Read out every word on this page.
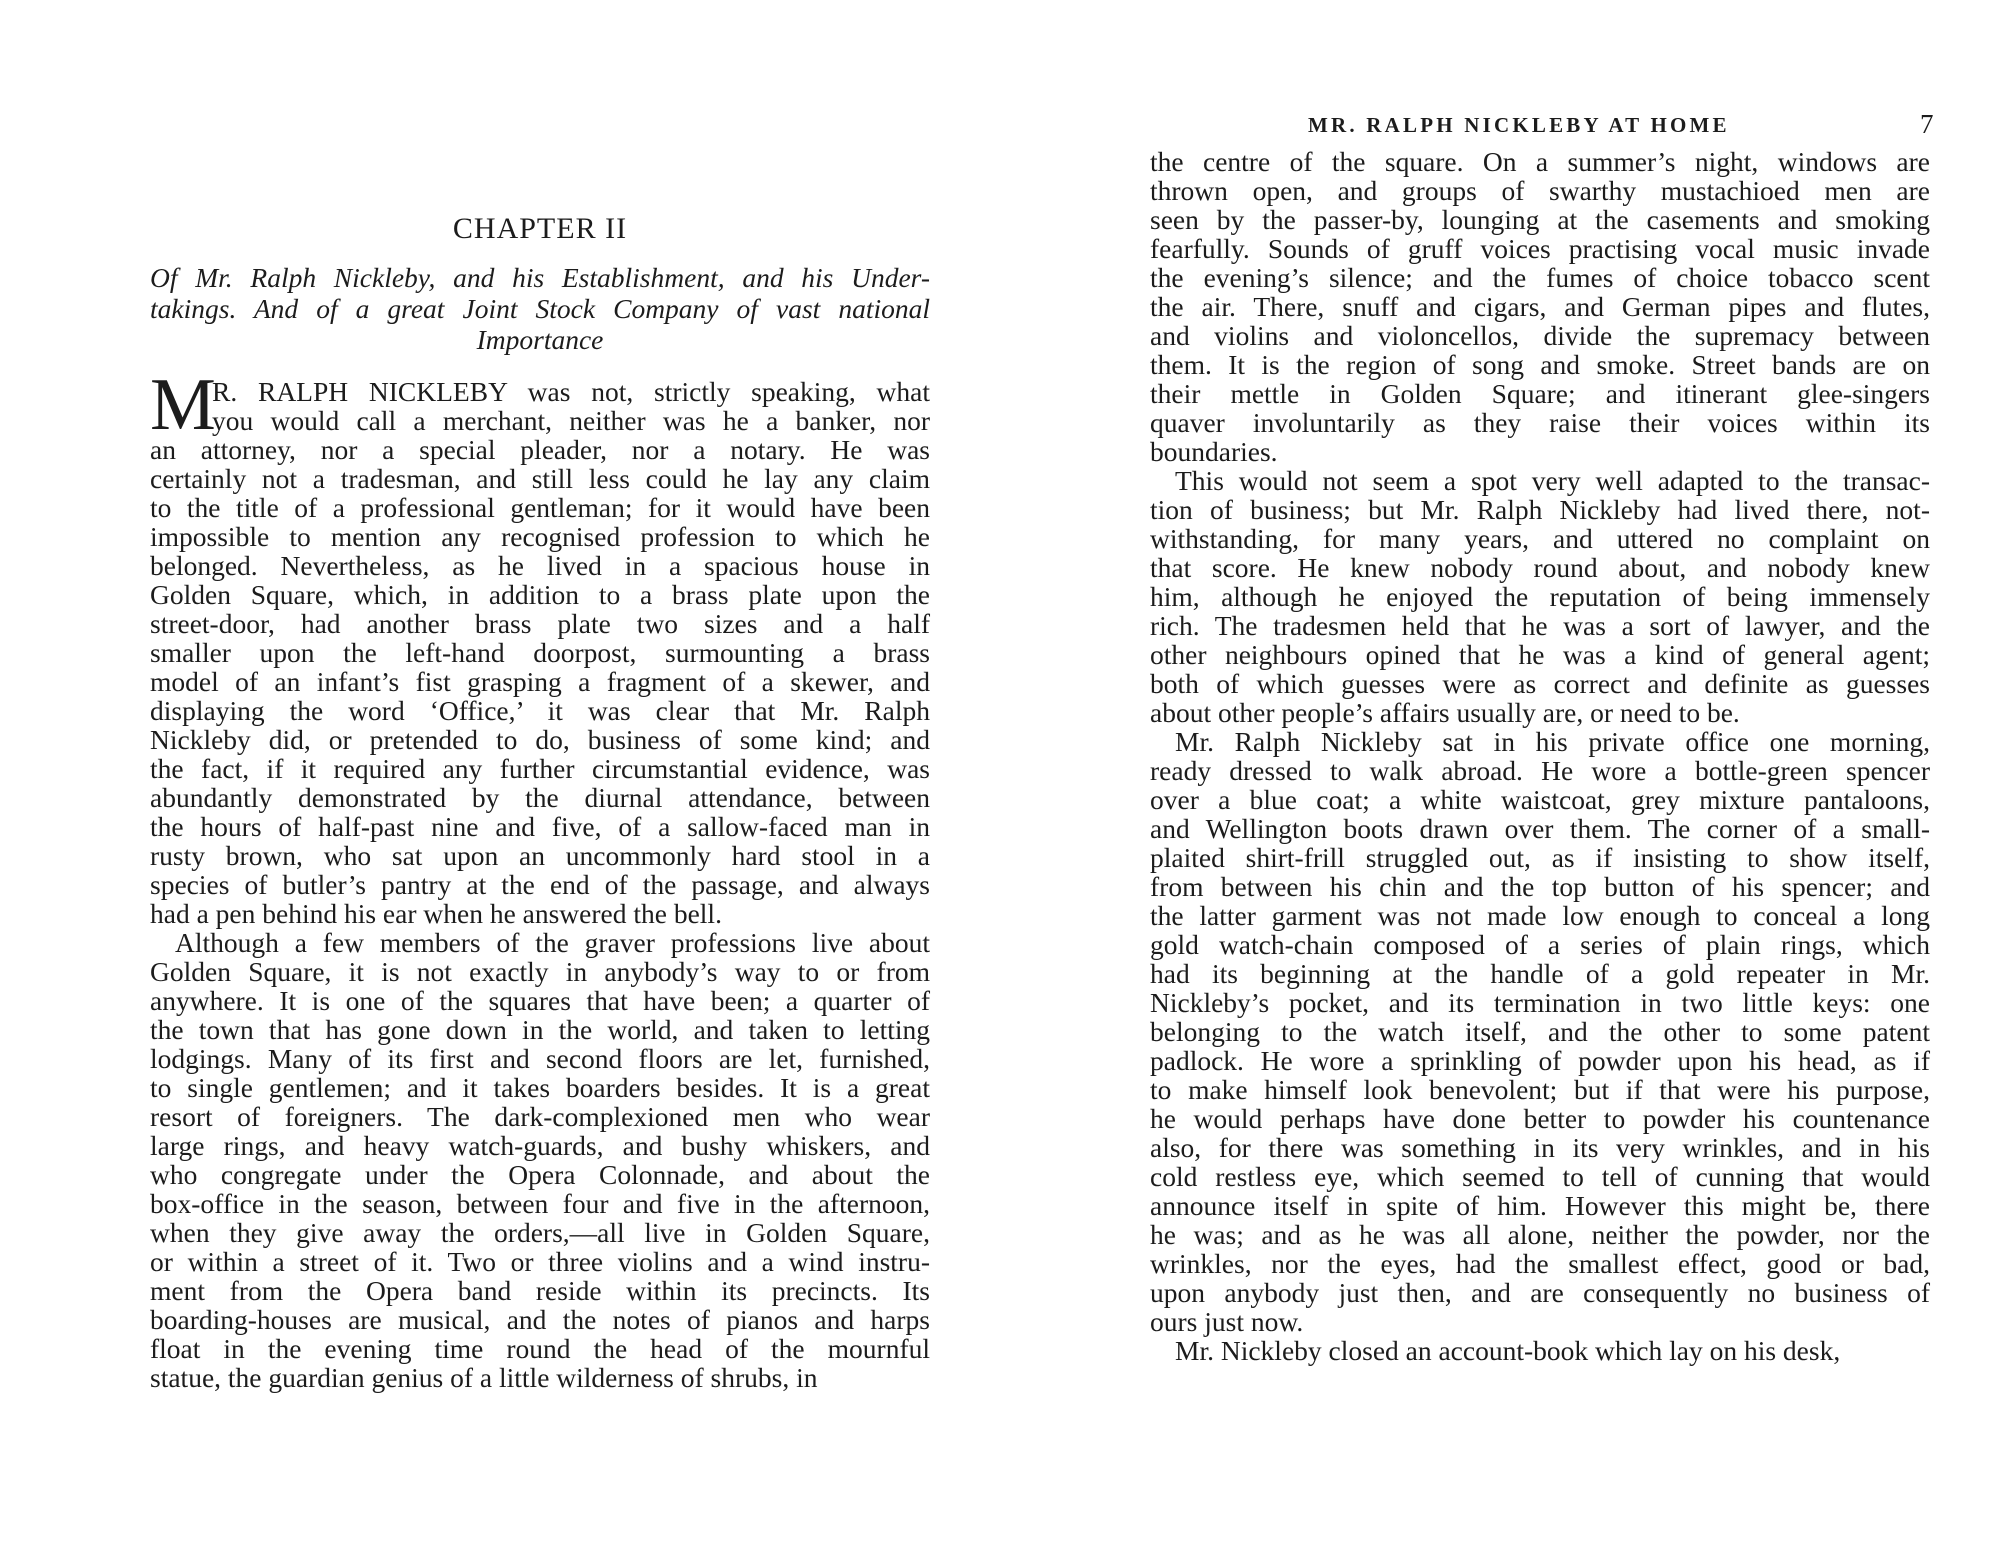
CHAPTER II
Of Mr. Ralph Nickleby, and his Establishment, and his Under-
takings. And of a great Joint Stock Company of vast national
Importance
M
R. RALPH NICKLEBY was not, strictly speaking, what
you would call a merchant, neither was he a banker, nor
an attorney, nor a special pleader, nor a notary. He was
certainly not a tradesman, and still less could he lay any claim
to the title of a professional gentleman; for it would have been
impossible to mention any recognised profession to which he
belonged. Nevertheless, as he lived in a spacious house in
Golden Square, which, in addition to a brass plate upon the
street-door, had another brass plate two sizes and a half
smaller upon the left-hand doorpost, surmounting a brass
model of an infant’s fist grasping a fragment of a skewer, and
displaying the word ‘Office,’ it was clear that Mr. Ralph
Nickleby did, or pretended to do, business of some kind; and
the fact, if it required any further circumstantial evidence, was
abundantly demonstrated by the diurnal attendance, between
the hours of half-past nine and five, of a sallow-faced man in
rusty brown, who sat upon an uncommonly hard stool in a
species of butler’s pantry at the end of the passage, and always
had a pen behind his ear when he answered the bell.
Although a few members of the graver professions live about
Golden Square, it is not exactly in anybody’s way to or from
anywhere. It is one of the squares that have been; a quarter of
the town that has gone down in the world, and taken to letting
lodgings. Many of its first and second floors are let, furnished,
to single gentlemen; and it takes boarders besides. It is a great
resort of foreigners. The dark-complexioned men who wear
large rings, and heavy watch-guards, and bushy whiskers, and
who congregate under the Opera Colonnade, and about the
box-office in the season, between four and five in the afternoon,
when they give away the orders,—all live in Golden Square,
or within a street of it. Two or three violins and a wind instru-
ment from the Opera band reside within its precincts. Its
boarding-houses are musical, and the notes of pianos and harps
float in the evening time round the head of the mournful
statue, the guardian genius of a little wilderness of shrubs, in
MR. RALPH NICKLEBY AT HOME	7
the centre of the square. On a summer’s night, windows are
thrown open, and groups of swarthy mustachioed men are
seen by the passer-by, lounging at the casements and smoking
fearfully. Sounds of gruff voices practising vocal music invade
the evening’s silence; and the fumes of choice tobacco scent
the air. There, snuff and cigars, and German pipes and flutes,
and violins and violoncellos, divide the supremacy between
them. It is the region of song and smoke. Street bands are on
their mettle in Golden Square; and itinerant glee-singers
quaver involuntarily as they raise their voices within its
boundaries.
This would not seem a spot very well adapted to the transac-
tion of business; but Mr. Ralph Nickleby had lived there, not-
withstanding, for many years, and uttered no complaint on
that score. He knew nobody round about, and nobody knew
him, although he enjoyed the reputation of being immensely
rich. The tradesmen held that he was a sort of lawyer, and the
other neighbours opined that he was a kind of general agent;
both of which guesses were as correct and definite as guesses
about other people’s affairs usually are, or need to be.
Mr. Ralph Nickleby sat in his private office one morning,
ready dressed to walk abroad. He wore a bottle-green spencer
over a blue coat; a white waistcoat, grey mixture pantaloons,
and Wellington boots drawn over them. The corner of a small-
plaited shirt-frill struggled out, as if insisting to show itself,
from between his chin and the top button of his spencer; and
the latter garment was not made low enough to conceal a long
gold watch-chain composed of a series of plain rings, which
had its beginning at the handle of a gold repeater in Mr.
Nickleby’s pocket, and its termination in two little keys: one
belonging to the watch itself, and the other to some patent
padlock. He wore a sprinkling of powder upon his head, as if
to make himself look benevolent; but if that were his purpose,
he would perhaps have done better to powder his countenance
also, for there was something in its very wrinkles, and in his
cold restless eye, which seemed to tell of cunning that would
announce itself in spite of him. However this might be, there
he was; and as he was all alone, neither the powder, nor the
wrinkles, nor the eyes, had the smallest effect, good or bad,
upon anybody just then, and are consequently no business of
ours just now.
Mr. Nickleby closed an account-book which lay on his desk,
